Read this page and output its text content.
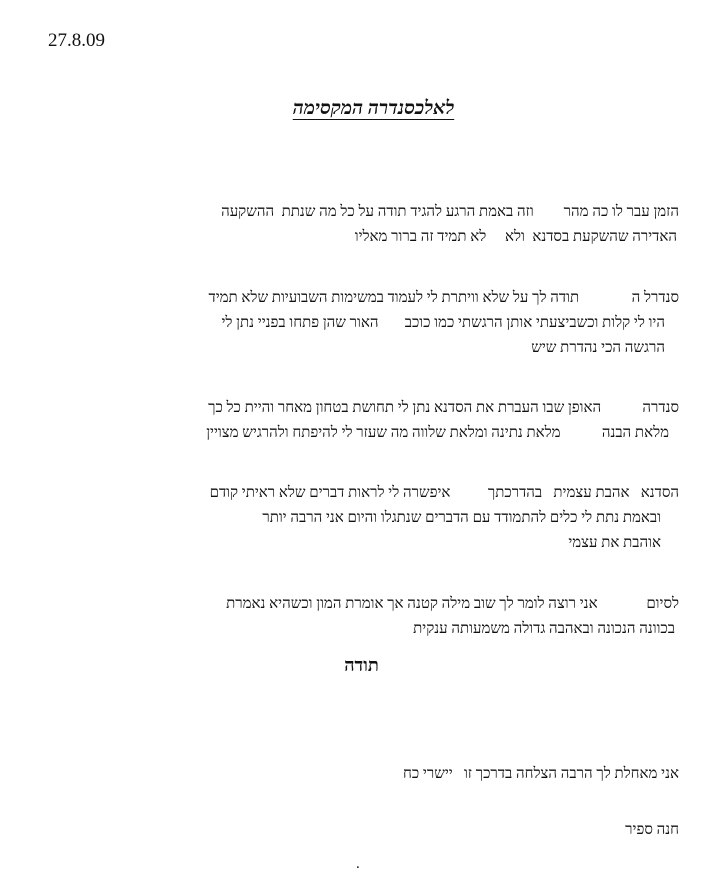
27.8.09
לאלכסנדרה המקסימה
הזמן עבר לו כה מהר        וזה באמת הרגע להגיד תודה על כל מה שנתת  ההשקעה
האדירה שהשקעת בסדנא  ולא     לא תמיד זה ברור מאליו
סנדרל ה              תודה לך על שלא וויתרת לי לעמוד במשימות השבועיות שלא תמיד
היו לי קלות וכשביצעתי אותן הרגשתי כמו כוכב       האור שהן פתחו בפניי נתן לי
הרגשה הכי נהדרת שיש
סנדרה           האופן שבו העברת את הסדנא נתן לי תחושת בטחון מאחר והיית כל כך
מלאת הבנה           מלאת נתינה ומלאת שלווה מה שעזר לי להיפתח ולהרגיש מצויין
הסדנא   אהבת עצמית   בהדרכתך          איפשרה לי לראות דברים שלא ראיתי קודם
ובאמת נתת לי כלים להתמודד עם הדברים שנתגלו והיום אני הרבה יותר
אוהבת את עצמי
לסיום             אני רוצה לומר לך שוב מילה קטנה אך אומרת המון וכשהיא נאמרת
בכוונה הנכונה ובאהבה גדולה משמעותה ענקית
תודה
אני מאחלת לך הרבה הצלחה בדרכך זו   יישרי כח
חנה ספיר
.
